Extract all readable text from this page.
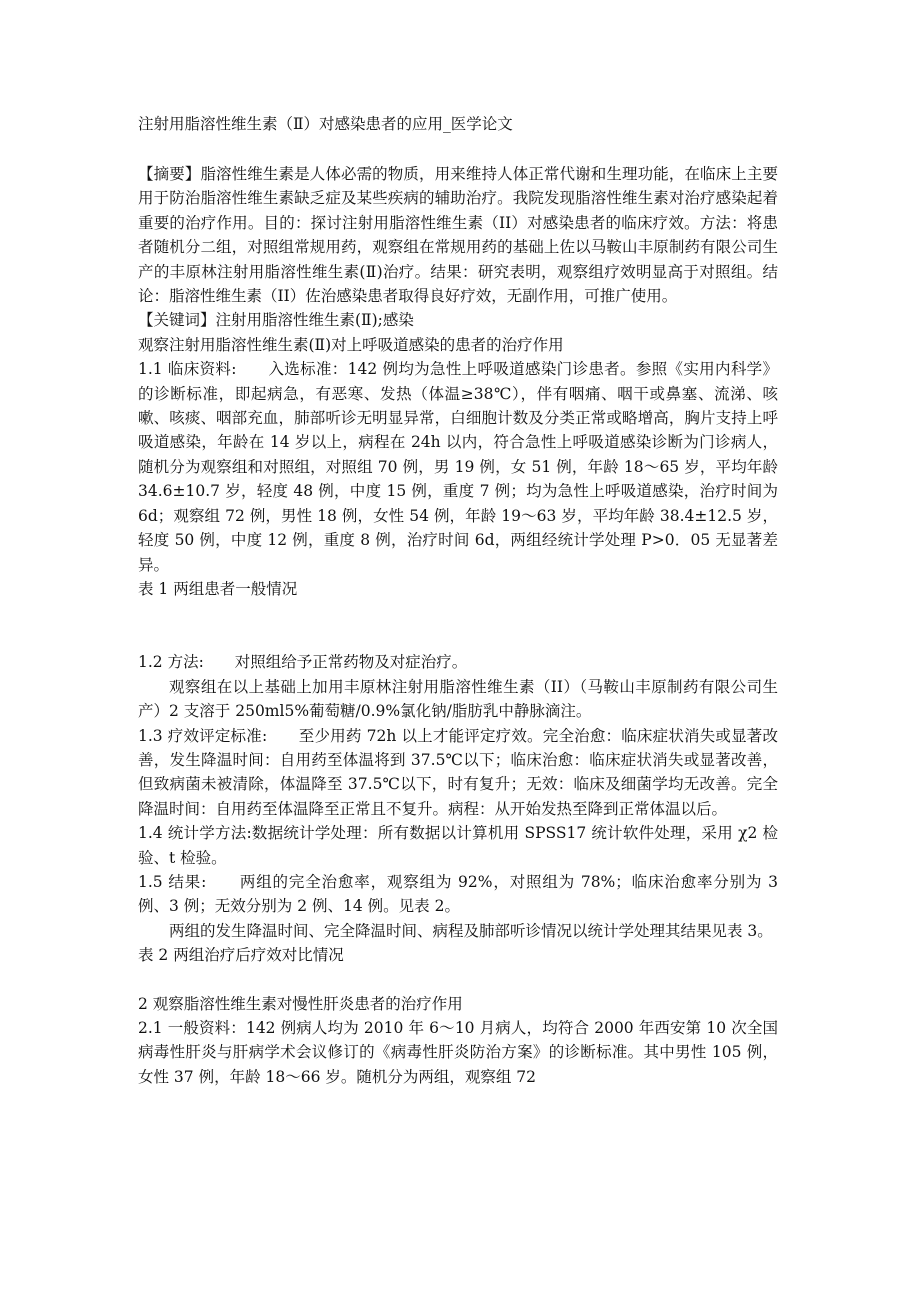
注射用脂溶性维生素（Ⅱ）对感染患者的应用_医学论文

【摘要】脂溶性维生素是人体必需的物质，用来维持人体正常代谢和生理功能，在临床上主要用于防治脂溶性维生素缺乏症及某些疾病的辅助治疗。我院发现脂溶性维生素对治疗感染起着重要的治疗作用。目的：探讨注射用脂溶性维生素（II）对感染患者的临床疗效。方法：将患者随机分二组，对照组常规用药，观察组在常规用药的基础上佐以马鞍山丰原制药有限公司生产的丰原林注射用脂溶性维生素(Ⅱ)治疗。结果：研究表明，观察组疗效明显高于对照组。结论：脂溶性维生素（II）佐治感染患者取得良好疗效，无副作用，可推广使用。

【关键词】注射用脂溶性维生素(Ⅱ);感染

观察注射用脂溶性维生素(Ⅱ)对上呼吸道感染的患者的治疗作用

1.1 临床资料:　　入选标准：142 例均为急性上呼吸道感染门诊患者。参照《实用内科学》的诊断标准，即起病急，有恶寒、发热（体温≥38℃），伴有咽痛、咽干或鼻塞、流涕、咳嗽、咳痰、咽部充血，肺部听诊无明显异常，白细胞计数及分类正常或略增高，胸片支持上呼吸道感染，年龄在 14 岁以上，病程在 24h 以内，符合急性上呼吸道感染诊断为门诊病人，随机分为观察组和对照组，对照组 70 例，男 19 例，女 51 例，年龄 18～65 岁，平均年龄34.6±10.7 岁，轻度 48 例，中度 15 例，重度 7 例；均为急性上呼吸道感染，治疗时间为 6d；观察组 72 例，男性 18 例，女性 54 例，年龄 19～63 岁，平均年龄 38.4±12.5 岁，轻度 50 例，中度 12 例，重度 8 例，治疗时间 6d，两组经统计学处理 P>0．05 无显著差异。

表 1 两组患者一般情况

1.2 方法:　　对照组给予正常药物及对症治疗。

观察组在以上基础上加用丰原林注射用脂溶性维生素（II）（马鞍山丰原制药有限公司生产）2 支溶于 250ml5%葡萄糖/0.9%氯化钠/脂肪乳中静脉滴注。

1.3 疗效评定标准:　　至少用药 72h 以上才能评定疗效。完全治愈：临床症状消失或显著改善，发生降温时间：自用药至体温将到 37.5℃以下；临床治愈：临床症状消失或显著改善，但致病菌未被清除，体温降至 37.5℃以下，时有复升；无效：临床及细菌学均无改善。完全降温时间：自用药至体温降至正常且不复升。病程：从开始发热至降到正常体温以后。

1.4 统计学方法:数据统计学处理：所有数据以计算机用 SPSS17 统计软件处理，采用 χ2 检验、t 检验。

1.5 结果:　　两组的完全治愈率，观察组为 92%，对照组为 78%；临床治愈率分别为 3 例、3 例；无效分别为 2 例、14 例。见表 2。

两组的发生降温时间、完全降温时间、病程及肺部听诊情况以统计学处理其结果见表 3。

表 2 两组治疗后疗效对比情况

2 观察脂溶性维生素对慢性肝炎患者的治疗作用

2.1 一般资料：142 例病人均为 2010 年 6～10 月病人，均符合 2000 年西安第 10 次全国病毒性肝炎与肝病学术会议修订的《病毒性肝炎防治方案》的诊断标准。其中男性 105 例，女性 37 例，年龄 18～66 岁。随机分为两组，观察组 72
